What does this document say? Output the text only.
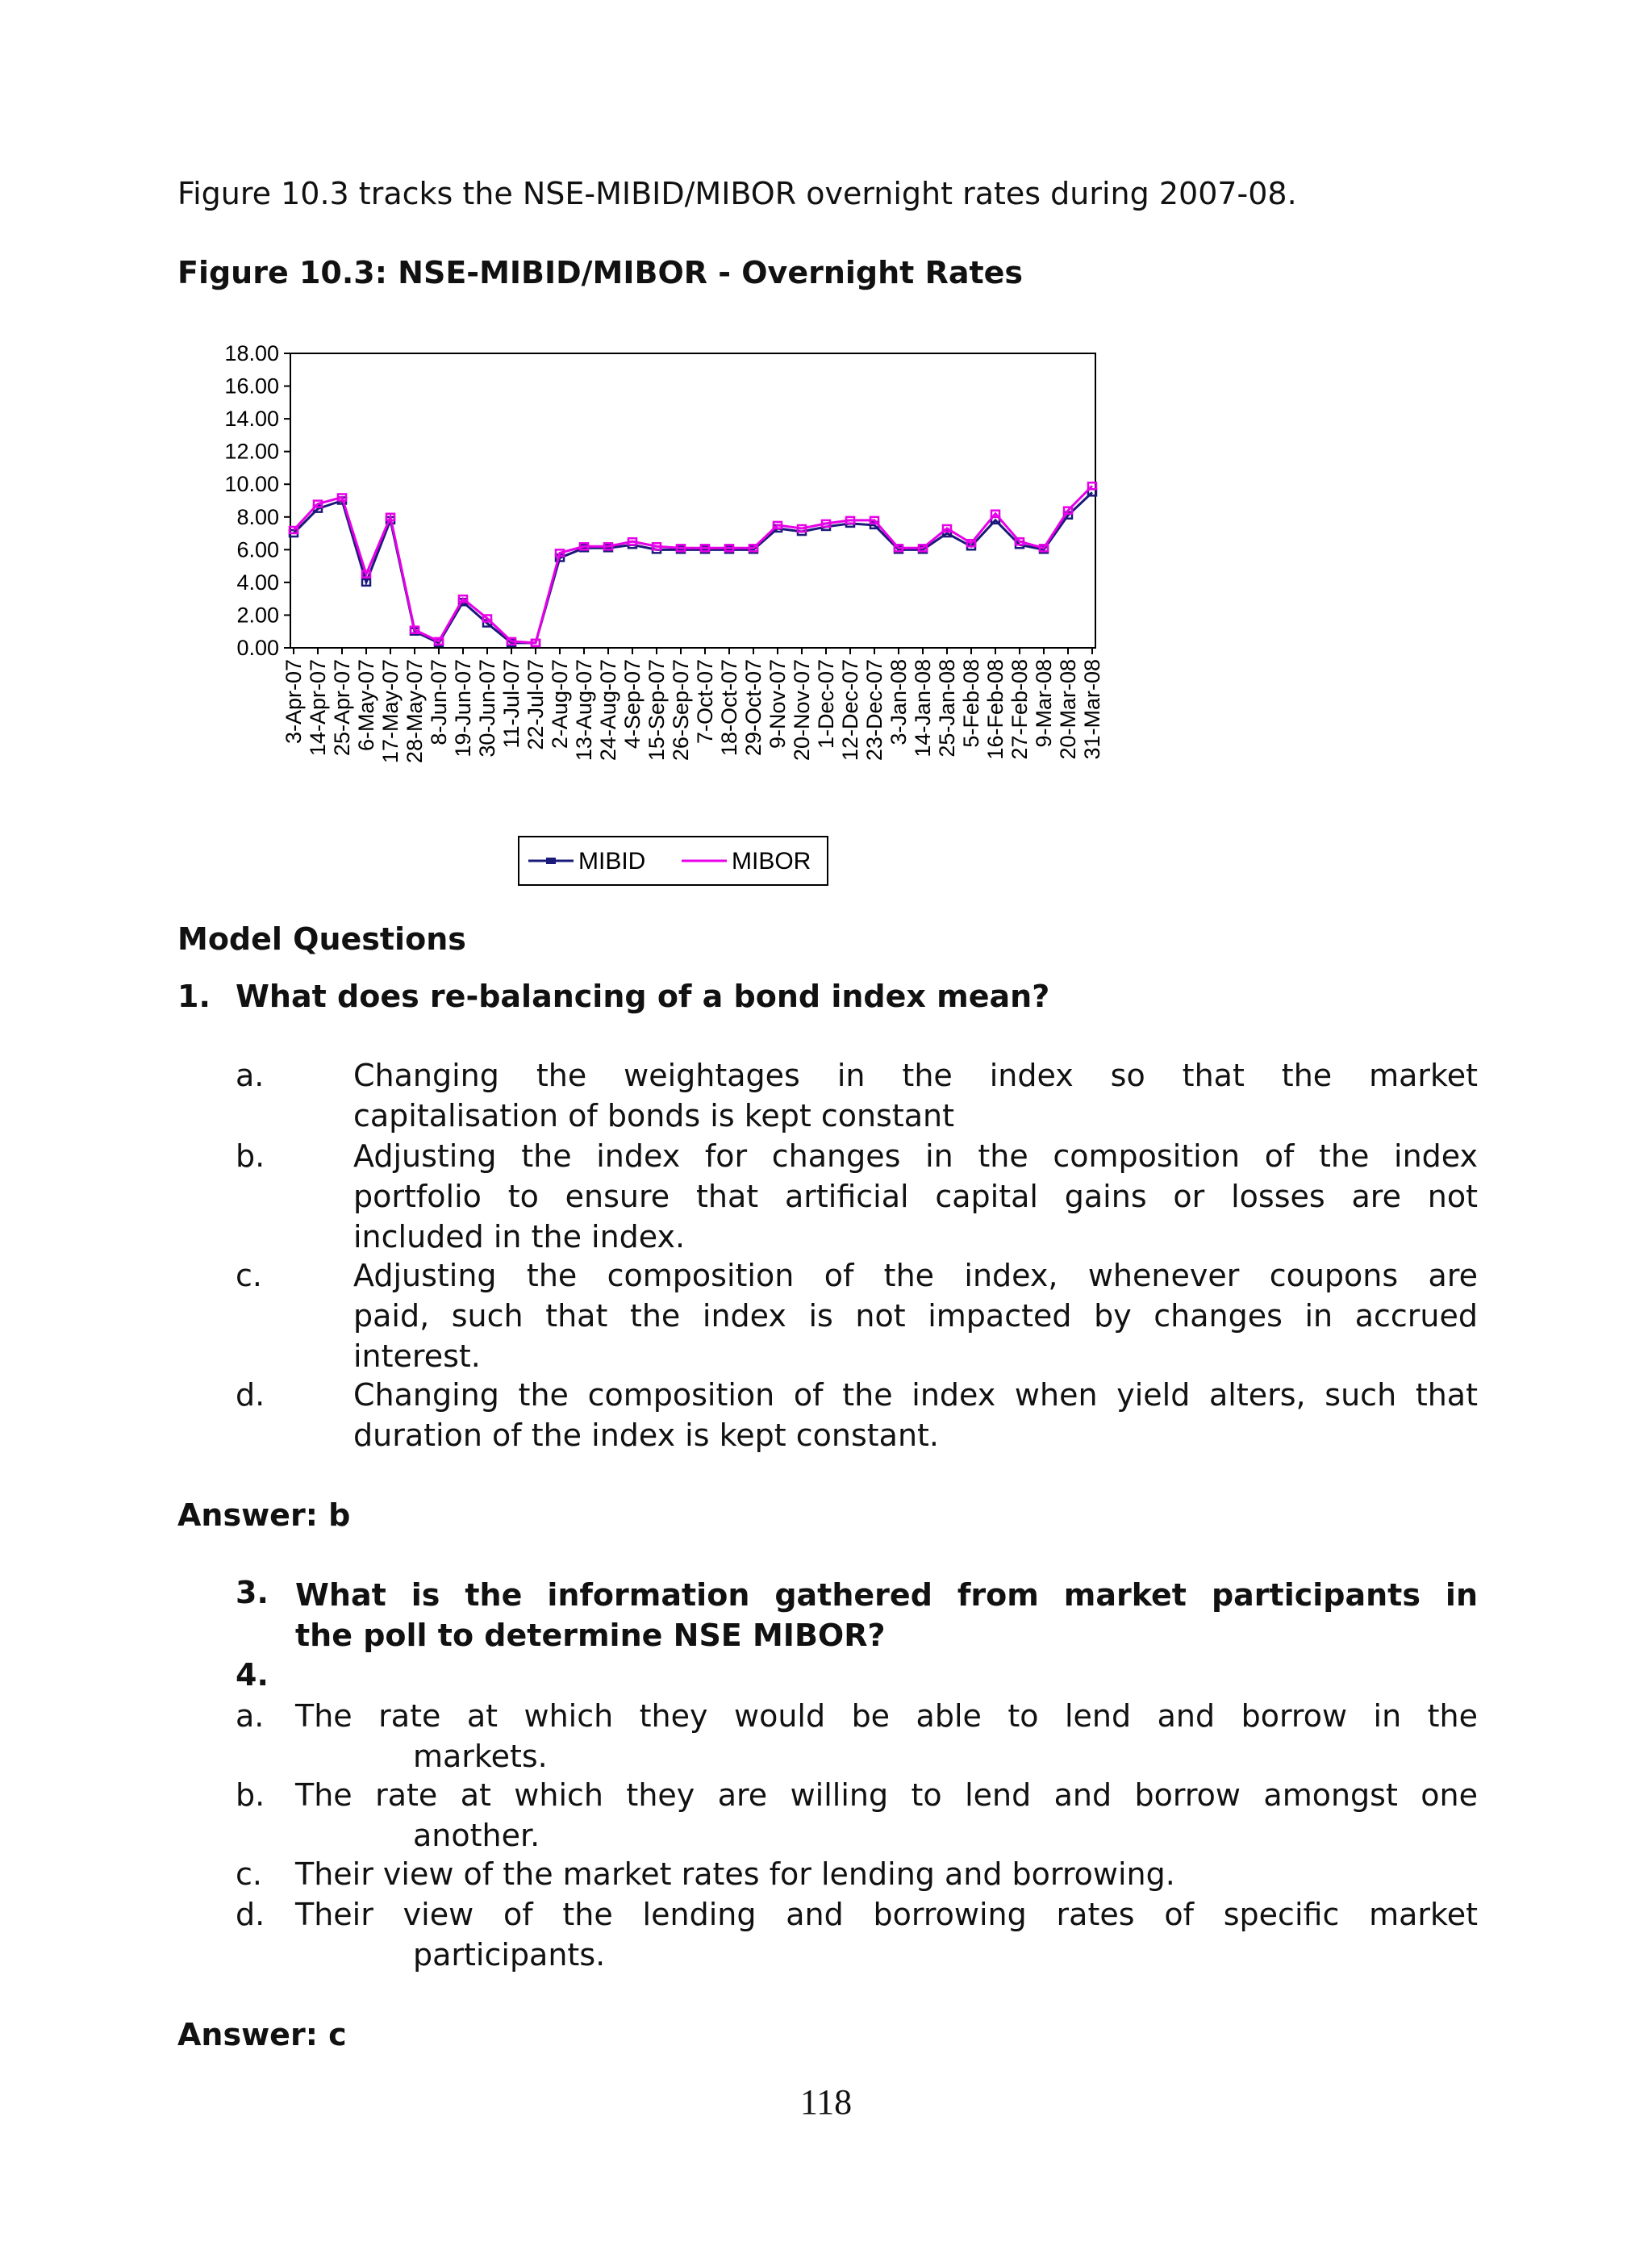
Figure 10.3 tracks the NSE-MIBID/MIBOR overnight rates during 2007-08.
Figure 10.3: NSE-MIBID/MIBOR - Overnight Rates
0.00
2.00
4.00
6.00
8.00
10.00
12.00
14.00
16.00
18.00
3-Apr-07 14-Apr-07 25-Apr-07 6-May-07 17-May-07 28-May-07 8-Jun-07 19-Jun-07 30-Jun-07 11-Jul-07 22-Jul-07 2-Aug-07 13-Aug-07 24-Aug-07 4-Sep-07 15-Sep-07 26-Sep-07 7-Oct-07 18-Oct-07 29-Oct-07 9-Nov-07 20-Nov-07 1-Dec-07 12-Dec-07 23-Dec-07 3-Jan-08 14-Jan-08 25-Jan-08 5-Feb-08 16-Feb-08 27-Feb-08 9-Mar-08 20-Mar-08 31-Mar-08
MIBID	MIBOR
Model Questions
1. What does re-balancing of a bond index mean?
a.	Changing the weightages in the index so that the market
capitalisation of bonds is kept constant
b.	Adjusting the index for changes in the composition of the index
portfolio to ensure that artificial capital gains or losses are not
included in the index.
c.	Adjusting the composition of the index, whenever coupons are
paid, such that the index is not impacted by changes in accrued
interest.
d.	Changing the composition of the index when yield alters, such that
duration of the index is kept constant.
Answer: b
3. What is the information gathered from market participants in
the poll to determine NSE MIBOR?
4.
a. The rate at which they would be able to lend and borrow in the
markets.
b. The rate at which they are willing to lend and borrow amongst one
another.
c. Their view of the market rates for lending and borrowing.
d. Their view of the lending and borrowing rates of specific market
participants.
Answer: c
118
